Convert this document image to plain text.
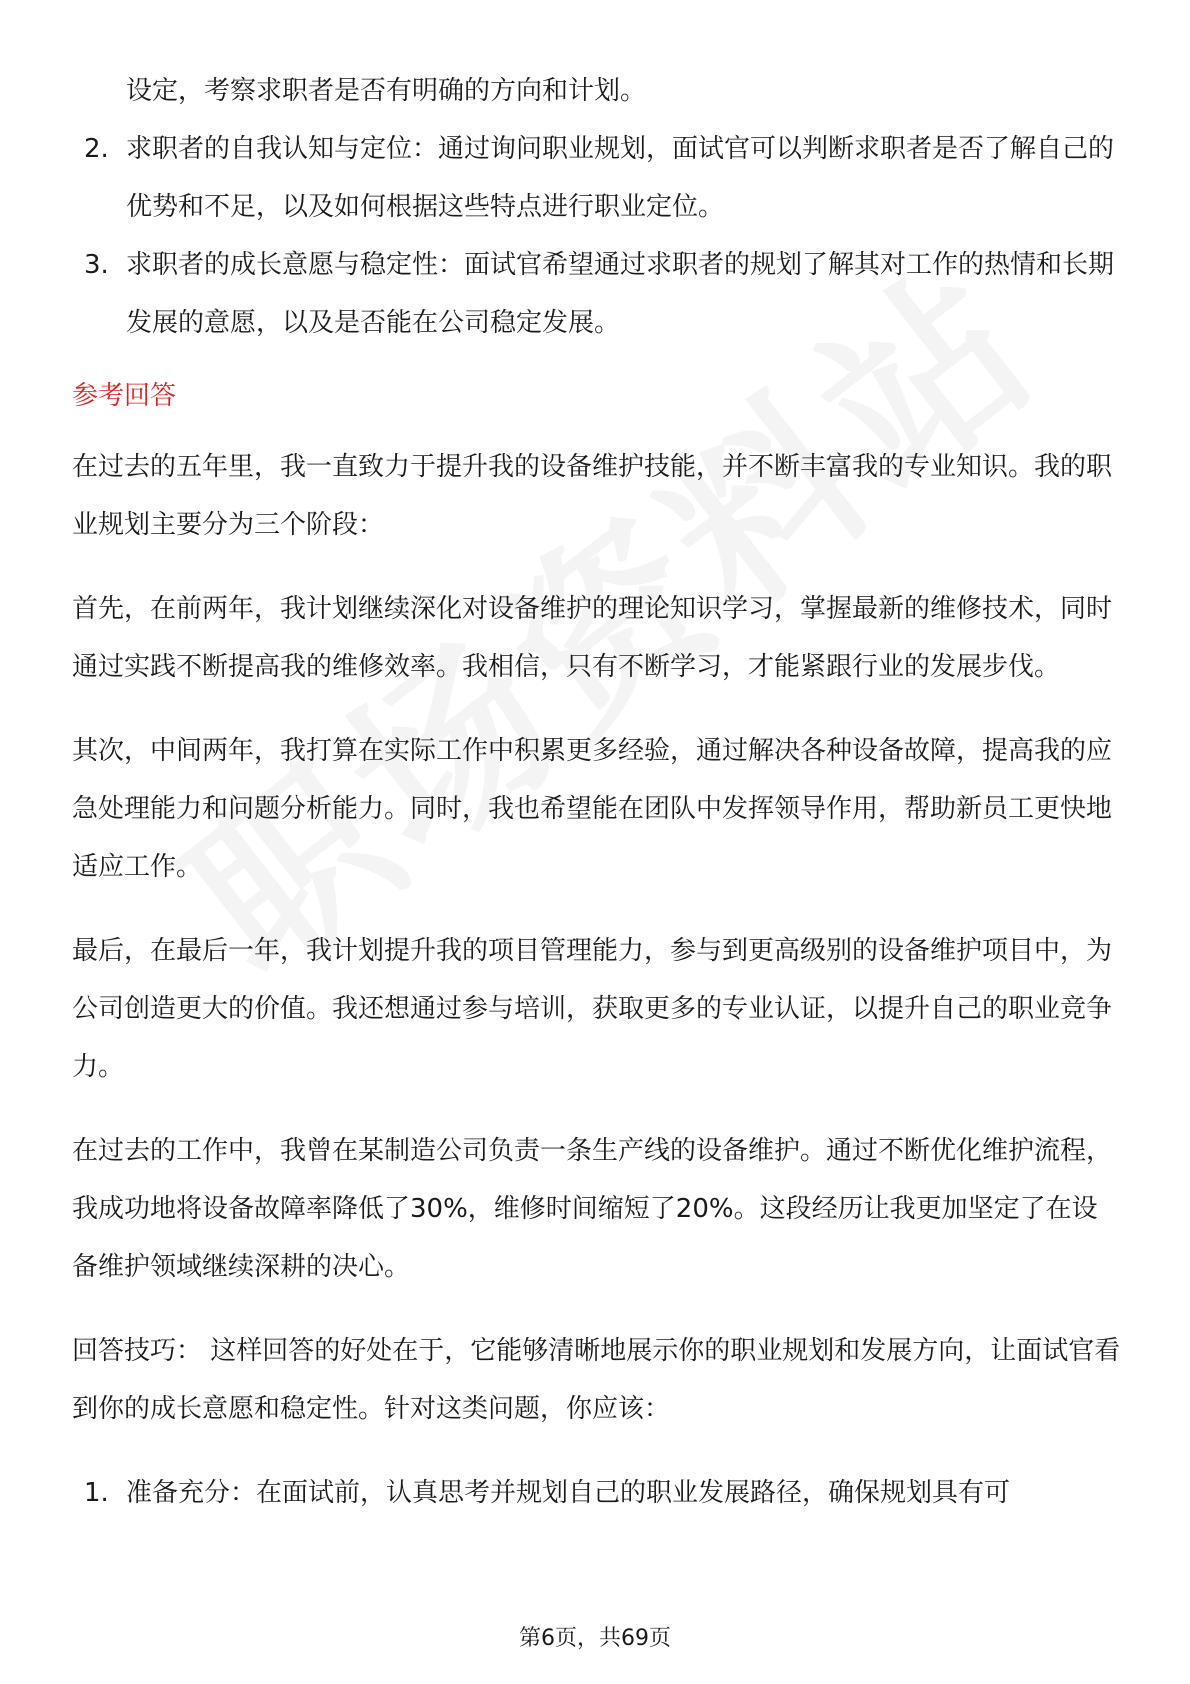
设定，考察求职者是否有明确的方向和计划。

2. 求职者的自我认知与定位：通过询问职业规划，面试官可以判断求职者是否了解自己的优势和不足，以及如何根据这些特点进行职业定位。
3. 求职者的成长意愿与稳定性：面试官希望通过求职者的规划了解其对工作的热情和长期发展的意愿，以及是否能在公司稳定发展。
参考回答

在过去的五年里，我一直致力于提升我的设备维护技能，并不断丰富我的专业知识。我的职业规划主要分为三个阶段：

首先，在前两年，我计划继续深化对设备维护的理论知识学习，掌握最新的维修技术，同时通过实践不断提高我的维修效率。我相信，只有不断学习，才能紧跟行业的发展步伐。

其次，中间两年，我打算在实际工作中积累更多经验，通过解决各种设备故障，提高我的应急处理能力和问题分析能力。同时，我也希望能在团队中发挥领导作用，帮助新员工更快地适应工作。

最后，在最后一年，我计划提升我的项目管理能力，参与到更高级别的设备维护项目中，为公司创造更大的价值。我还想通过参与培训，获取更多的专业认证，以提升自己的职业竞争力。

在过去的工作中，我曾在某制造公司负责一条生产线的设备维护。通过不断优化维护流程，我成功地将设备故障率降低了30%，维修时间缩短了20%。这段经历让我更加坚定了在设备维护领域继续深耕的决心。

回答技巧： 这样回答的好处在于，它能够清晰地展示你的职业规划和发展方向，让面试官看到你的成长意愿和稳定性。针对这类问题，你应该：

1. 准备充分：在面试前，认真思考并规划自己的职业发展路径，确保规划具有可
第6页，共69页
